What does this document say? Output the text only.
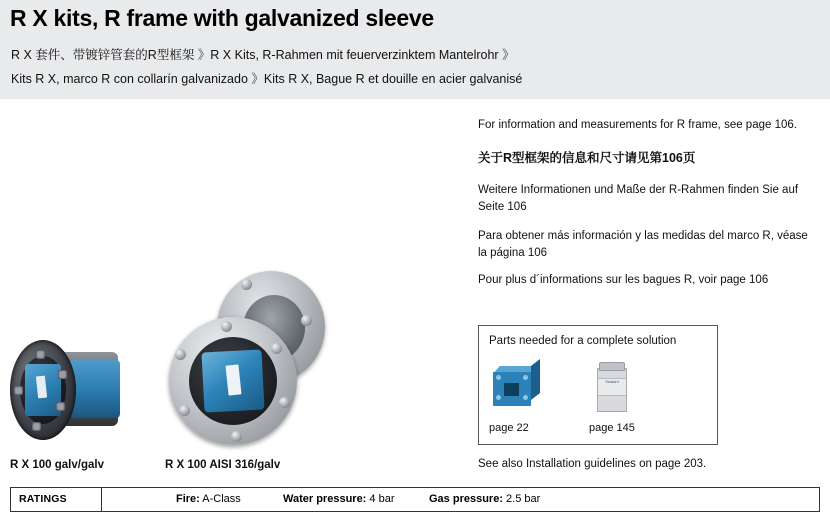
R X kits, R frame with galvanized sleeve
R X 套件、带镀锌管套的R型框架 》R X Kits, R-Rahmen mit feuerverzinktem Mantelrohr 》
Kits R X, marco R con collarín galvanizado 》Kits R X, Bague R et douille en acier galvanisé
For information and measurements for R frame, see page 106.
关于R型框架的信息和尺寸请见第106页
Weitere Informationen und Maße der R-Rahmen finden Sie auf Seite 106
Para obtener más información y las medidas del marco R, véase la página 106
Pour plus d´informations sur les bagues R, voir page 106
Parts needed for a complete solution
Sealant
page 22	page 145
R X 100 galv/galv	R X 100 AISI 316/galv	See also Installation guidelines on page 203.
RATINGS	Fire: A-Class	Water pressure: 4 bar	Gas pressure: 2.5 bar
